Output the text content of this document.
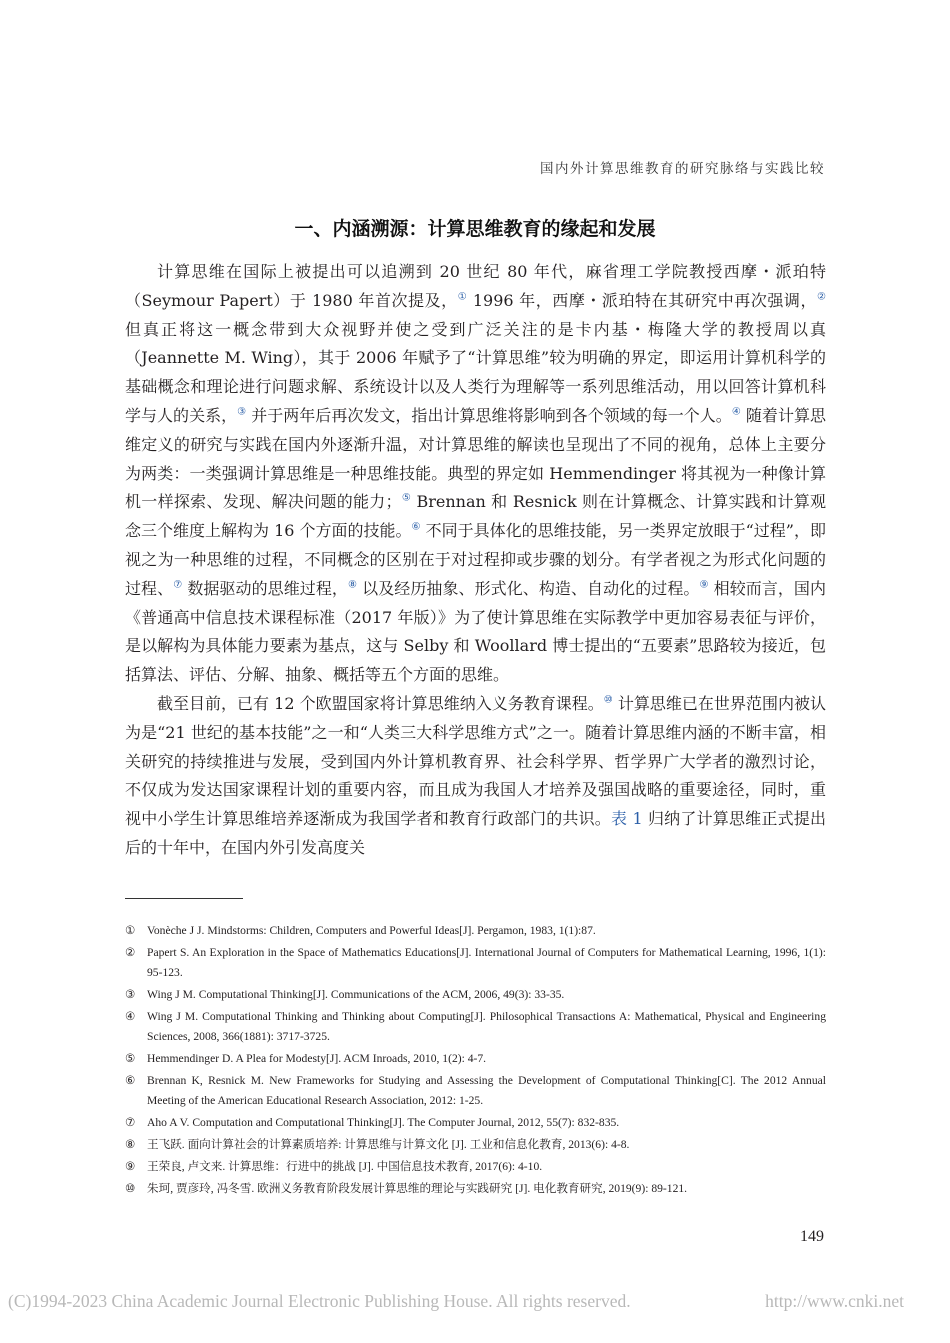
国内外计算思维教育的研究脉络与实践比较
一、内涵溯源：计算思维教育的缘起和发展

计算思维在国际上被提出可以追溯到 20 世纪 80 年代，麻省理工学院教授西摩・派珀特（Seymour Papert）于 1980 年首次提及，① 1996 年，西摩・派珀特在其研究中再次强调，② 但真正将这一概念带到大众视野并使之受到广泛关注的是卡内基・梅隆大学的教授周以真（Jeannette M. Wing），其于 2006 年赋予了“计算思维”较为明确的界定，即运用计算机科学的基础概念和理论进行问题求解、系统设计以及人类行为理解等一系列思维活动，用以回答计算机科学与人的关系，③ 并于两年后再次发文，指出计算思维将影响到各个领域的每一个人。④ 随着计算思维定义的研究与实践在国内外逐渐升温，对计算思维的解读也呈现出了不同的视角，总体上主要分为两类：一类强调计算思维是一种思维技能。典型的界定如 Hemmendinger 将其视为一种像计算机一样探索、发现、解决问题的能力；⑤ Brennan 和 Resnick 则在计算概念、计算实践和计算观念三个维度上解构为 16 个方面的技能。⑥ 不同于具体化的思维技能，另一类界定放眼于“过程”，即视之为一种思维的过程，不同概念的区别在于对过程抑或步骤的划分。有学者视之为形式化问题的过程、⑦ 数据驱动的思维过程，⑧ 以及经历抽象、形式化、构造、自动化的过程。⑨ 相较而言，国内《普通高中信息技术课程标准（2017 年版）》为了使计算思维在实际教学中更加容易表征与评价，是以解构为具体能力要素为基点，这与 Selby 和 Woollard 博士提出的“五要素”思路较为接近，包括算法、评估、分解、抽象、概括等五个方面的思维。

截至目前，已有 12 个欧盟国家将计算思维纳入义务教育课程。⑩ 计算思维已在世界范围内被认为是“21 世纪的基本技能”之一和“人类三大科学思维方式”之一。随着计算思维内涵的不断丰富，相关研究的持续推进与发展，受到国内外计算机教育界、社会科学界、哲学界广大学者的激烈讨论，不仅成为发达国家课程计划的重要内容，而且成为我国人才培养及强国战略的重要途径，同时，重视中小学生计算思维培养逐渐成为我国学者和教育行政部门的共识。表 1 归纳了计算思维正式提出后的十年中，在国内外引发高度关

① Vonèche J J. Mindstorms: Children, Computers and Powerful Ideas[J]. Pergamon, 1983, 1(1):87.
② Papert S. An Exploration in the Space of Mathematics Educations[J]. International Journal of Computers for Mathematical Learning, 1996, 1(1): 95-123.
③ Wing J M. Computational Thinking[J]. Communications of the ACM, 2006, 49(3): 33-35.
④ Wing J M. Computational Thinking and Thinking about Computing[J]. Philosophical Transactions A: Mathematical, Physical and Engineering Sciences, 2008, 366(1881): 3717-3725.
⑤ Hemmendinger D. A Plea for Modesty[J]. ACM Inroads, 2010, 1(2): 4-7.
⑥ Brennan K, Resnick M. New Frameworks for Studying and Assessing the Development of Computational Thinking[C]. The 2012 Annual Meeting of the American Educational Research Association, 2012: 1-25.
⑦ Aho A V. Computation and Computational Thinking[J]. The Computer Journal, 2012, 55(7): 832-835.
⑧ 王飞跃. 面向计算社会的计算素质培养: 计算思维与计算文化 [J]. 工业和信息化教育, 2013(6): 4-8.
⑨ 王荣良, 卢文来. 计算思维：行进中的挑战 [J]. 中国信息技术教育, 2017(6): 4-10.
⑩ 朱珂, 贾彦玲, 冯冬雪. 欧洲义务教育阶段发展计算思维的理论与实践研究 [J]. 电化教育研究, 2019(9): 89-121.
149
(C)1994-2023 China Academic Journal Electronic Publishing House. All rights reserved.	http://www.cnki.net
